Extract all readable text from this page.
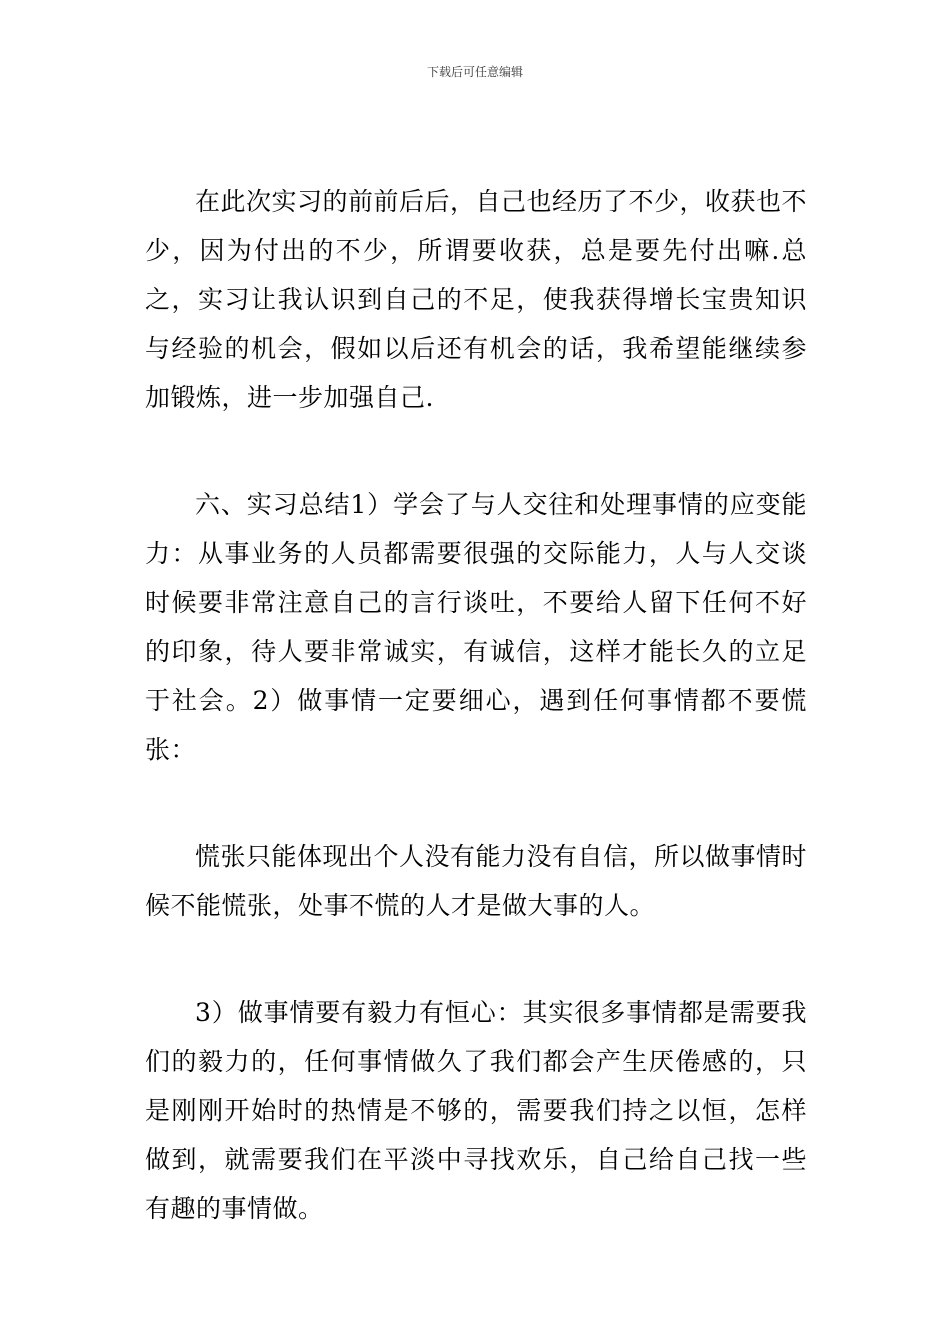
下载后可任意编辑

在此次实习的前前后后，自己也经历了不少，收获也不少，因为付出的不少，所谓要收获，总是要先付出嘛.总之，实习让我认识到自己的不足，使我获得增长宝贵知识与经验的机会，假如以后还有机会的话，我希望能继续参加锻炼，进一步加强自己.

六、实习总结1）学会了与人交往和处理事情的应变能力：从事业务的人员都需要很强的交际能力，人与人交谈时候要非常注意自己的言行谈吐，不要给人留下任何不好的印象，待人要非常诚实，有诚信，这样才能长久的立足于社会。2）做事情一定要细心，遇到任何事情都不要慌张：

慌张只能体现出个人没有能力没有自信，所以做事情时候不能慌张，处事不慌的人才是做大事的人。

3）做事情要有毅力有恒心：其实很多事情都是需要我们的毅力的，任何事情做久了我们都会产生厌倦感的，只是刚刚开始时的热情是不够的，需要我们持之以恒，怎样做到，就需要我们在平淡中寻找欢乐，自己给自己找一些有趣的事情做。
